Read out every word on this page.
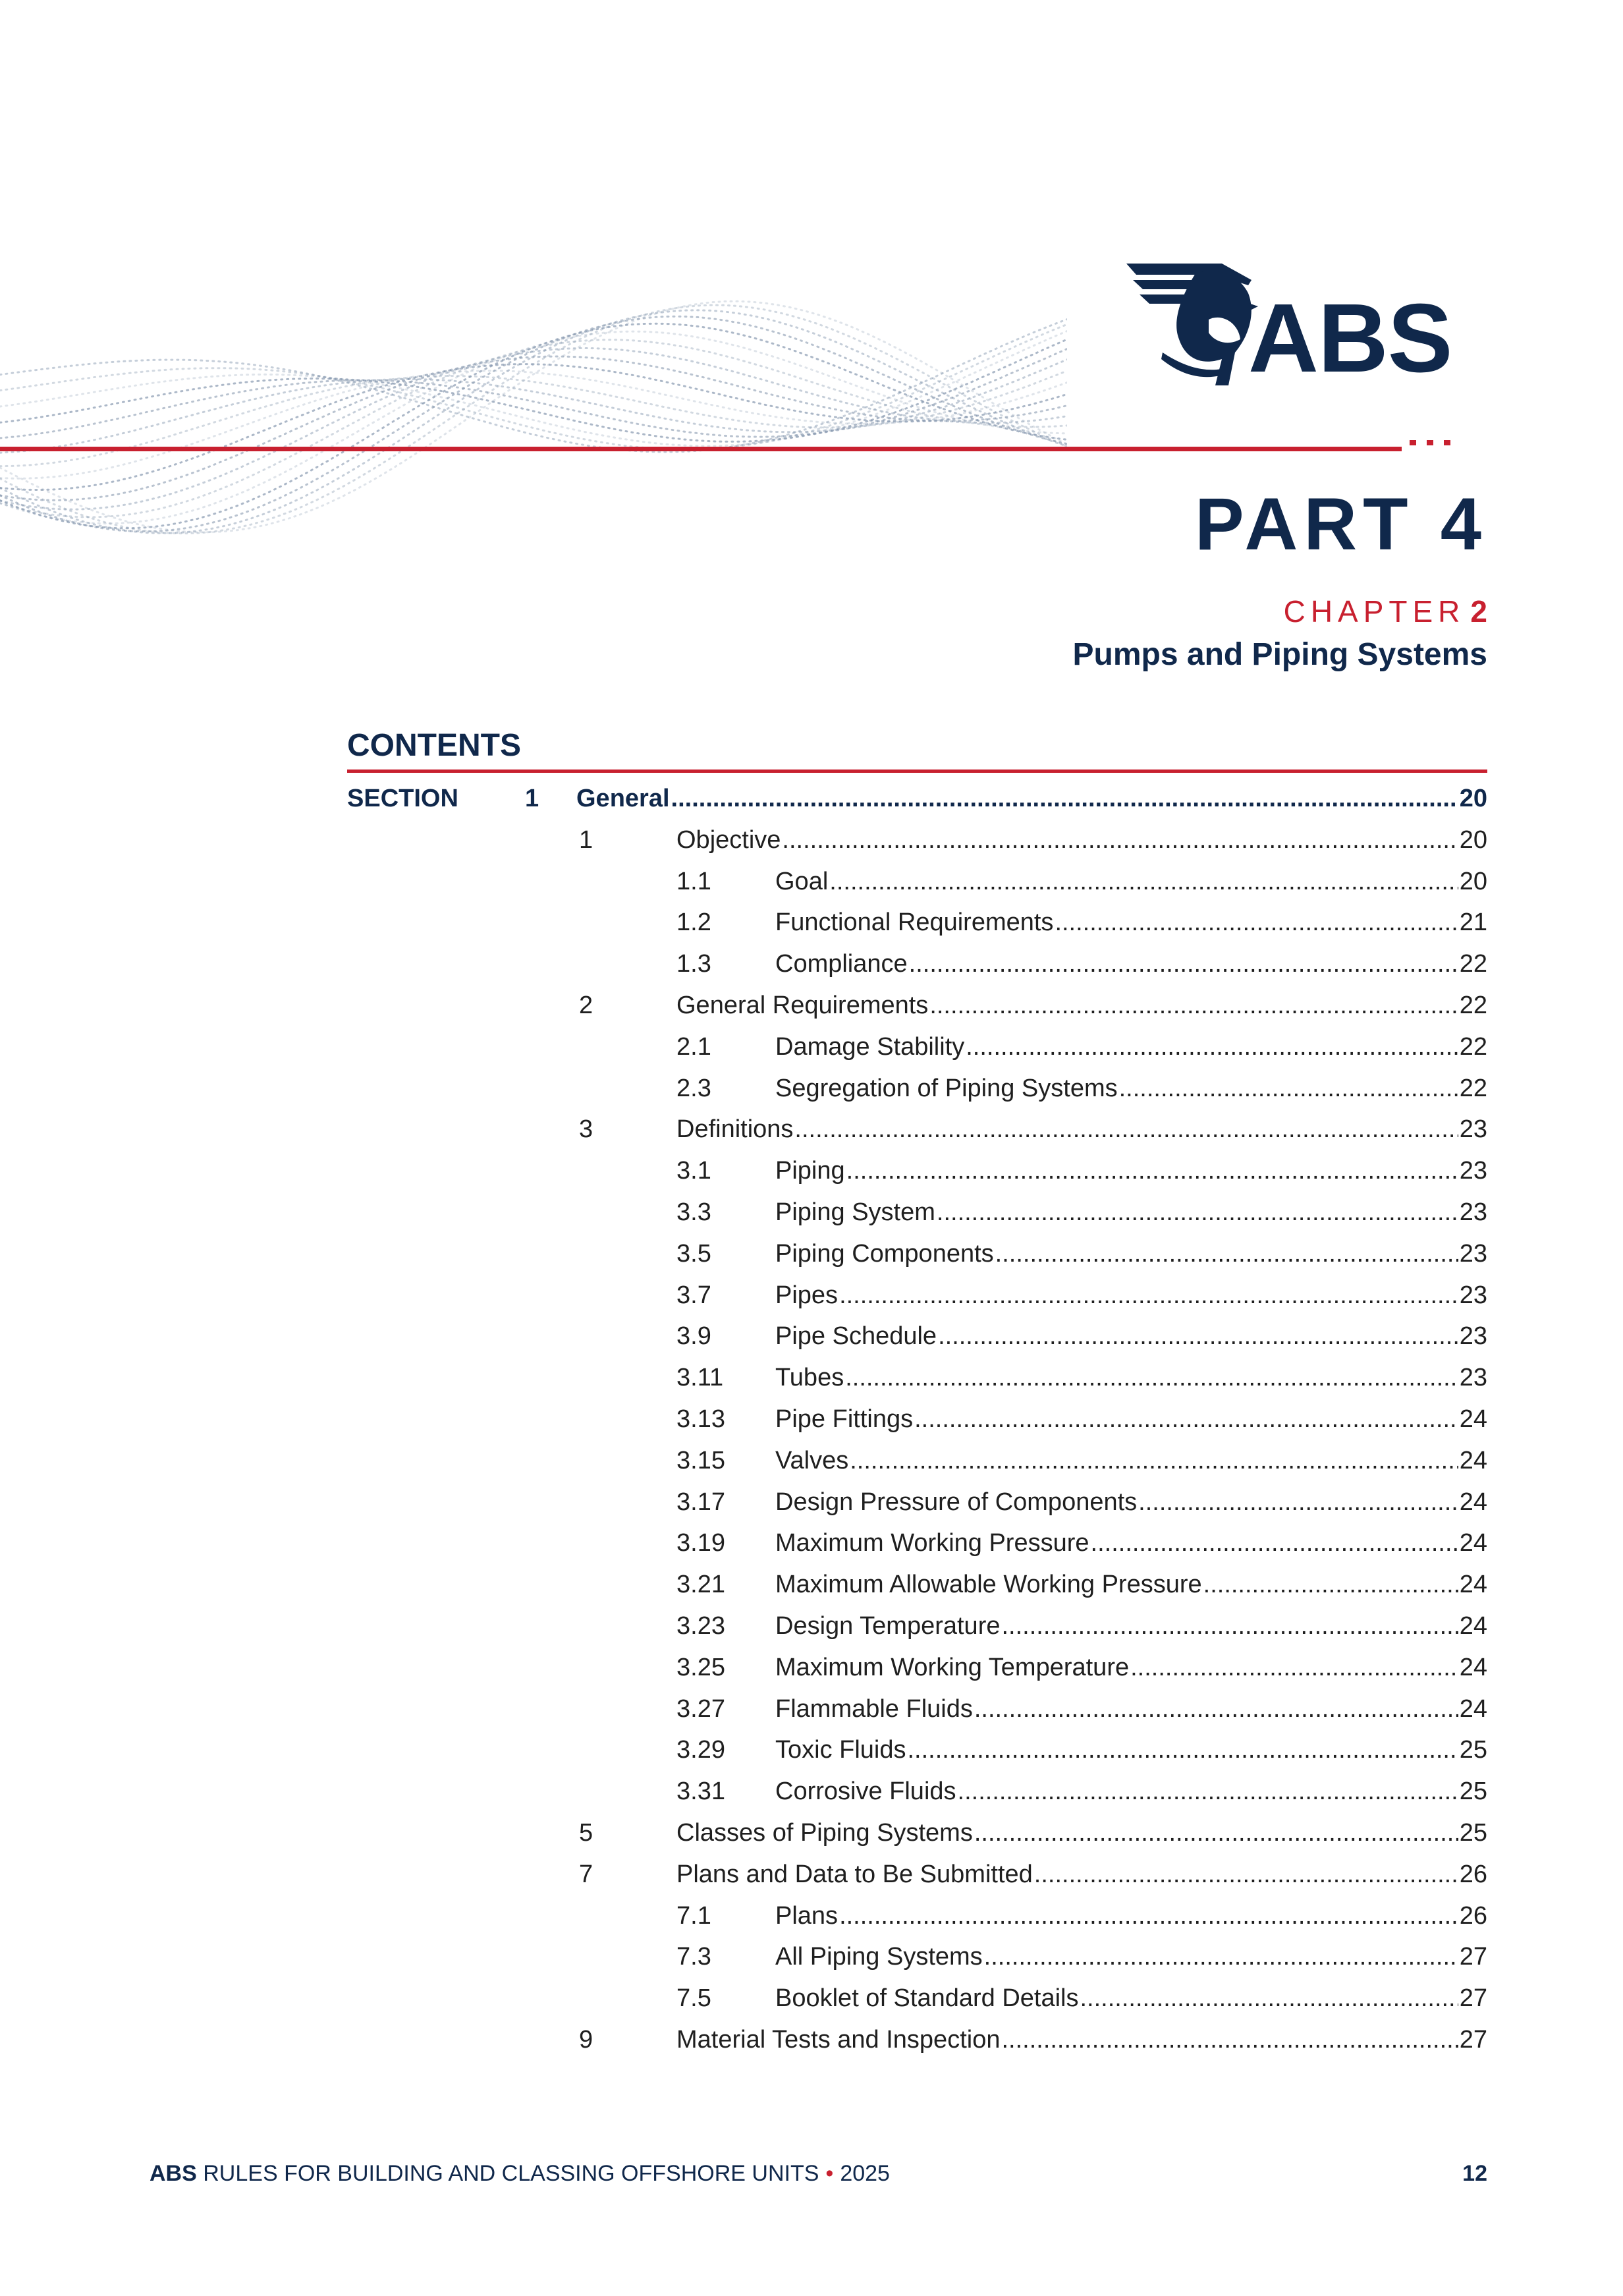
ABS
PART 4
CHAPTER 2
Pumps and Piping Systems
CONTENTS
SECTION	1 General .....	20
1	Objective .....	20
1.1	Goal .....	20
1.2	Functional Requirements .....	21
1.3	Compliance .....	22
2	General Requirements .....	22
2.1	Damage Stability .....	22
2.3	Segregation of Piping Systems .....	22
3	Definitions .....	23
3.1	Piping .....	23
3.3	Piping System .....	23
3.5	Piping Components .....	23
3.7	Pipes .....	23
3.9	Pipe Schedule .....	23
3.11 Tubes .....	23
3.13 Pipe Fittings .....	24
3.15 Valves .....	24
3.17 Design Pressure of Components .....	24
3.19 Maximum Working Pressure .....	24
3.21 Maximum Allowable Working Pressure .....	24
3.23 Design Temperature .....	24
3.25 Maximum Working Temperature .....	24
3.27 Flammable Fluids .....	24
3.29 Toxic Fluids .....	25
3.31 Corrosive Fluids .....	25
5	Classes of Piping Systems .....	25
7	Plans and Data to Be Submitted .....	26
7.1	Plans .....	26
7.3	All Piping Systems .....	27
7.5	Booklet of Standard Details .....	27
9	Material Tests and Inspection .....	27
ABS RULES FOR BUILDING AND CLASSING OFFSHORE UNITS • 2025	12
